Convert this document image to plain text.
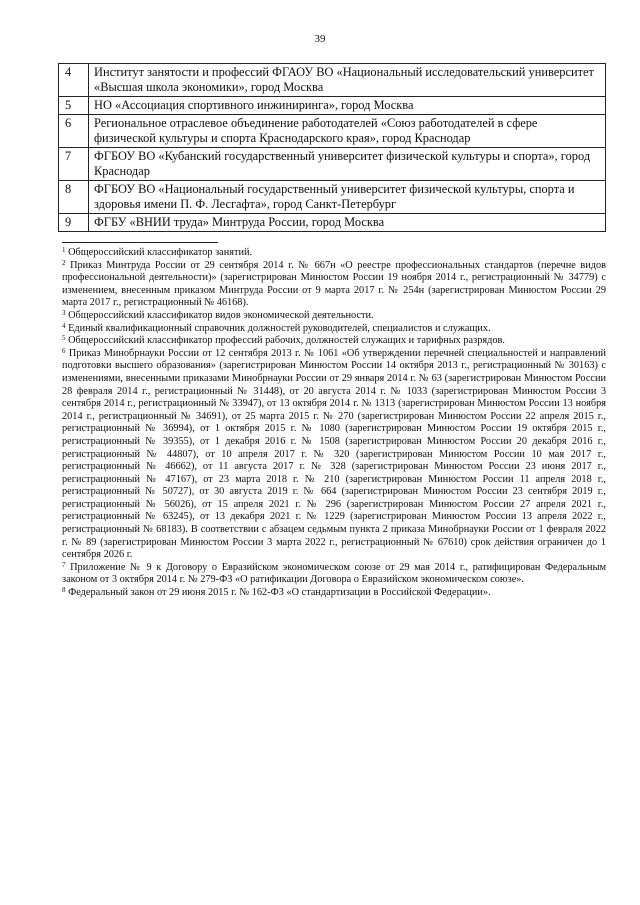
39
4	Институт занятости и профессий ФГАОУ ВО «Национальный исследовательский университет «Высшая школа экономики», город Москва
5	НО «Ассоциация спортивного инжиниринга», город Москва
6	Региональное отраслевое объединение работодателей «Союз работодателей в сфере физической культуры и спорта Краснодарского края», город Краснодар
7	ФГБОУ ВО «Кубанский государственный университет физической культуры и спорта», город Краснодар
8	ФГБОУ ВО «Национальный государственный университет физической культуры, спорта и здоровья имени П. Ф. Лесгафта», город Санкт-Петербург
9	ФГБУ «ВНИИ труда» Минтруда России, город Москва

$^1$ Общероссийский классификатор занятий.

$^2$ Приказ Минтруда России от 29 сентября 2014 г. № 667н «О реестре профессиональных стандартов (перечне видов профессиональной деятельности)» (зарегистрирован Минюстом России 19 ноября 2014 г., регистрационный № 34779) с изменением, внесенным приказом Минтруда России от 9 марта 2017 г. № 254н (зарегистрирован Минюстом России 29 марта 2017 г., регистрационный № 46168).

$^3$ Общероссийский классификатор видов экономической деятельности.

$^4$ Единый квалификационный справочник должностей руководителей, специалистов и служащих.

$^5$ Общероссийский классификатор профессий рабочих, должностей служащих и тарифных разрядов.

$^6$ Приказ Минобрнауки России от 12 сентября 2013 г. № 1061 «Об утверждении перечней специальностей и направлений подготовки высшего образования» (зарегистрирован Минюстом России 14 октября 2013 г., регистрационный № 30163) с изменениями, внесенными приказами Минобрнауки России от 29 января 2014 г. № 63 (зарегистрирован Минюстом России 28 февраля 2014 г., регистрационный № 31448), от 20 августа 2014 г. № 1033 (зарегистрирован Минюстом России 3 сентября 2014 г., регистрационный № 33947), от 13 октября 2014 г. № 1313 (зарегистрирован Минюстом России 13 ноября 2014 г., регистрационный № 34691), от 25 марта 2015 г. № 270 (зарегистрирован Минюстом России 22 апреля 2015 г., регистрационный № 36994), от 1 октября 2015 г. № 1080 (зарегистрирован Минюстом России 19 октября 2015 г., регистрационный № 39355), от 1 декабря 2016 г. № 1508 (зарегистрирован Минюстом России 20 декабря 2016 г., регистрационный № 44807), от 10 апреля 2017 г. № 320 (зарегистрирован Минюстом России 10 мая 2017 г., регистрационный № 46662), от 11 августа 2017 г. № 328 (зарегистрирован Минюстом России 23 июня 2017 г., регистрационный № 47167), от 23 марта 2018 г. № 210 (зарегистрирован Минюстом России 11 апреля 2018 г., регистрационный № 50727), от 30 августа 2019 г. № 664 (зарегистрирован Минюстом России 23 сентября 2019 г., регистрационный № 56026), от 15 апреля 2021 г. № 296 (зарегистрирован Минюстом России 27 апреля 2021 г., регистрационный № 63245), от 13 декабря 2021 г. № 1229 (зарегистрирован Минюстом России 13 апреля 2022 г., регистрационный № 68183). В соответствии с абзацем седьмым пункта 2 приказа Минобрнауки России от 1 февраля 2022 г. № 89 (зарегистрирован Минюстом России 3 марта 2022 г., регистрационный № 67610) срок действия ограничен до 1 сентября 2026 г.

$^7$ Приложение № 9 к Договору о Евразийском экономическом союзе от 29 мая 2014 г., ратифицирован Федеральным законом от 3 октября 2014 г. № 279-ФЗ «О ратификации Договора о Евразийском экономическом союзе».

$^8$ Федеральный закон от 29 июня 2015 г. № 162-ФЗ «О стандартизации в Российской Федерации».
